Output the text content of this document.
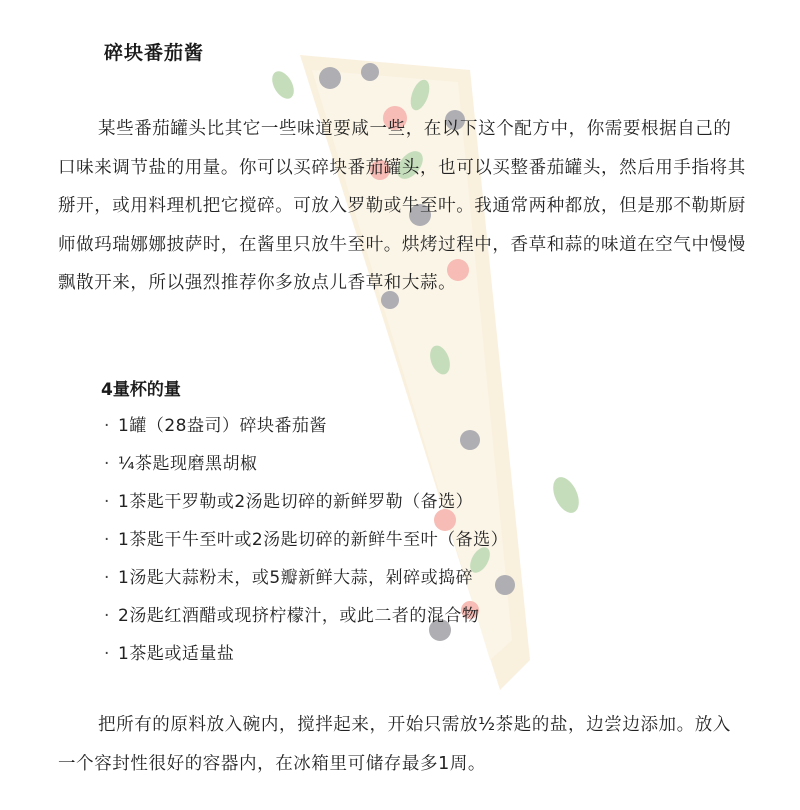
碎块番茄酱

某些番茄罐头比其它一些味道要咸一些，在以下这个配方中，你需要根据自己的口味来调节盐的用量。你可以买碎块番茄罐头，也可以买整番茄罐头，然后用手指将其掰开，或用料理机把它搅碎。可放入罗勒或牛至叶。我通常两种都放，但是那不勒斯厨师做玛瑞娜娜披萨时，在酱里只放牛至叶。烘烤过程中，香草和蒜的味道在空气中慢慢飘散开来，所以强烈推荐你多放点儿香草和大蒜。

4量杯的量
· 1罐（28盎司）碎块番茄酱
· ¼茶匙现磨黑胡椒
· 1茶匙干罗勒或2汤匙切碎的新鲜罗勒（备选）
· 1茶匙干牛至叶或2汤匙切碎的新鲜牛至叶（备选）
· 1汤匙大蒜粉末，或5瓣新鲜大蒜，剁碎或捣碎
· 2汤匙红酒醋或现挤柠檬汁，或此二者的混合物
· 1茶匙或适量盐

把所有的原料放入碗内，搅拌起来，开始只需放½茶匙的盐，边尝边添加。放入一个容封性很好的容器内，在冰箱里可储存最多1周。
